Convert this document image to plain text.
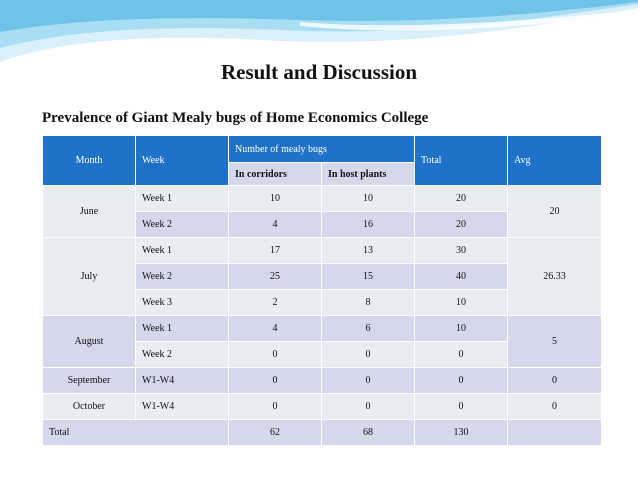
Result and Discussion
Prevalence of Giant Mealy bugs of Home Economics College
Month	Week	Number of mealy bugs		Total	Avg
		In corridors	In host plants		
June	Week 1	10	10	20	20
	Week 2	4	16	20	
July	Week 1	17	13	30	26.33
	Week 2	25	15	40	
	Week 3	2	8	10	
August	Week 1	4	6	10	5
	Week 2	0	0	0	
September	W1-W4	0	0	0	0
October	W1-W4	0	0	0	0
Total		62	68	130	
